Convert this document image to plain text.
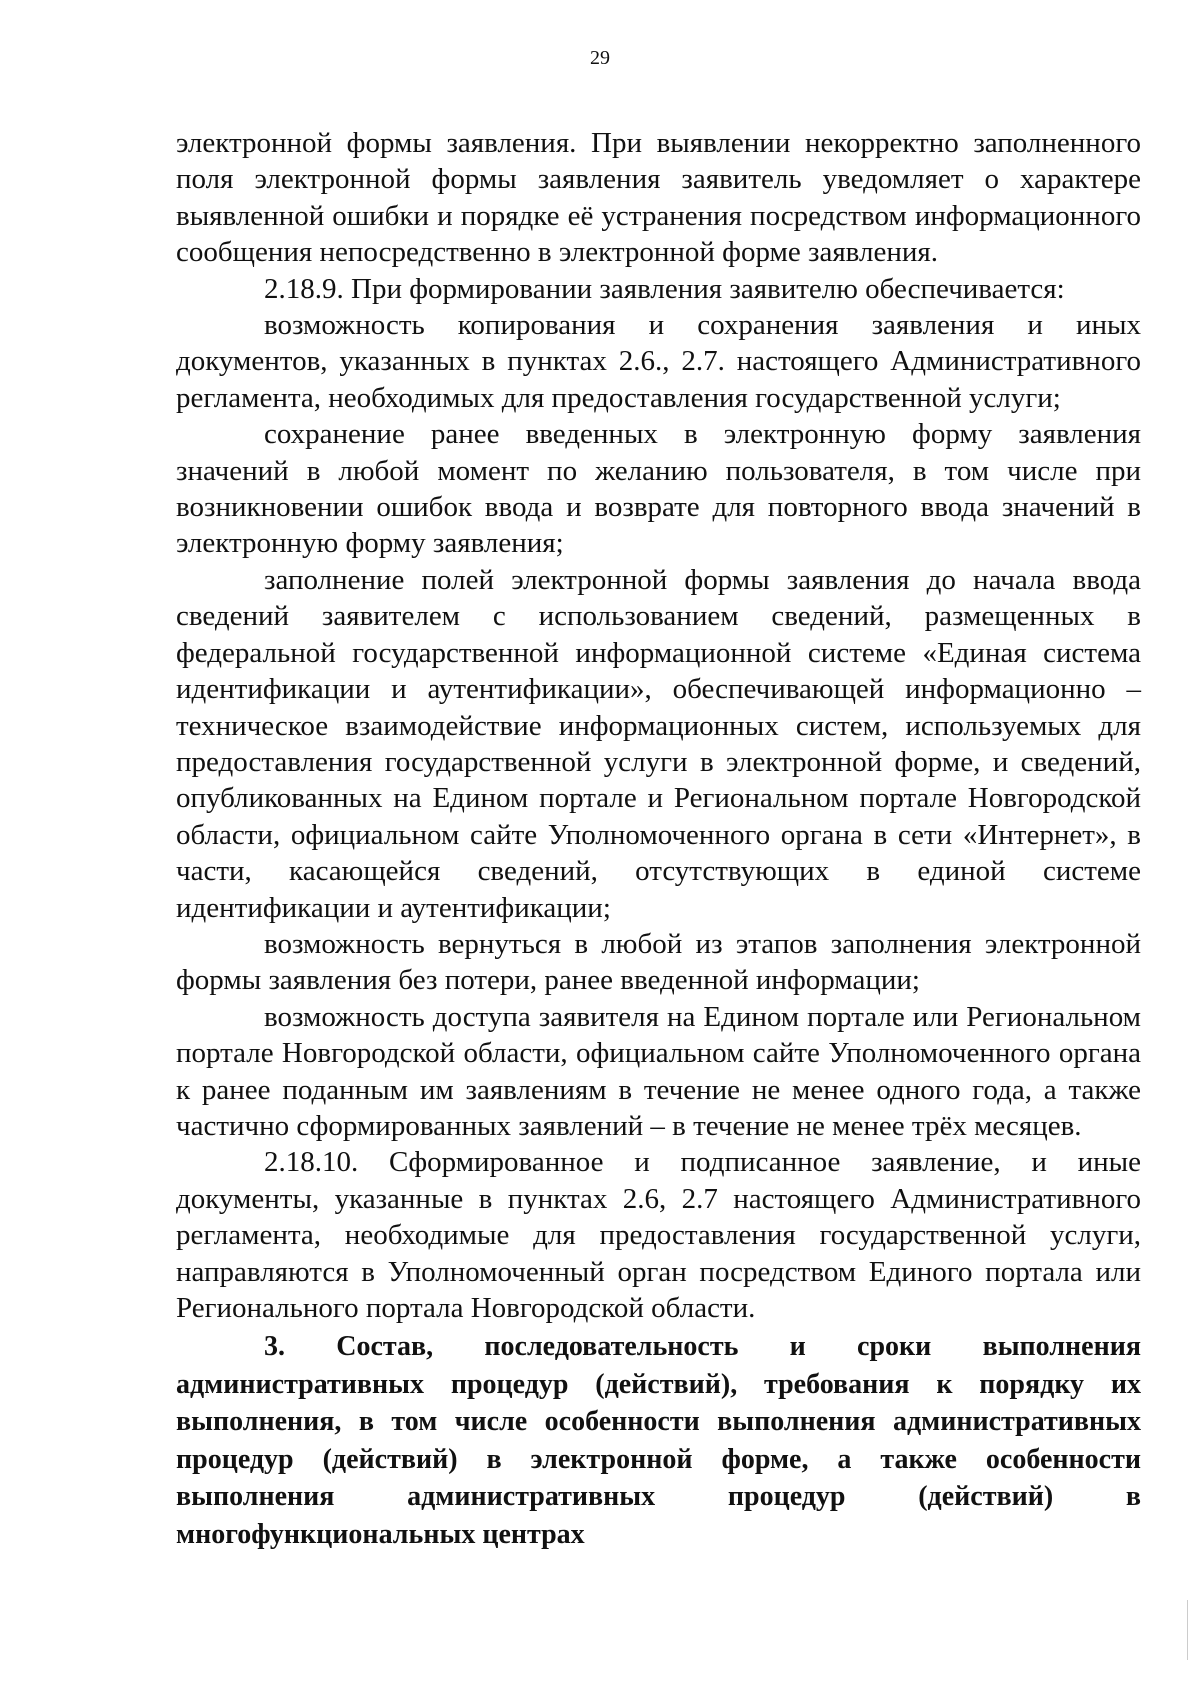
29

электронной формы заявления. При выявлении некорректно заполненного поля электронной формы заявления заявитель уведомляет о характере выявленной ошибки и порядке её устранения посредством информационного сообщения непосредственно в электронной форме заявления.

2.18.9. При формировании заявления заявителю обеспечивается:

возможность копирования и сохранения заявления и иных документов, указанных в пунктах 2.6., 2.7. настоящего Административного регламента, необходимых для предоставления государственной услуги;

сохранение ранее введенных в электронную форму заявления значений в любой момент по желанию пользователя, в том числе при возникновении ошибок ввода и возврате для повторного ввода значений в электронную форму заявления;

заполнение полей электронной формы заявления до начала ввода сведений заявителем с использованием сведений, размещенных в федеральной государственной информационной системе «Единая система идентификации и аутентификации», обеспечивающей информационно – техническое взаимодействие информационных систем, используемых для предоставления государственной услуги в электронной форме, и сведений, опубликованных на Едином портале и Региональном портале Новгородской области, официальном сайте Уполномоченного органа в сети «Интернет», в части, касающейся сведений, отсутствующих в единой системе идентификации и аутентификации;

возможность вернуться в любой из этапов заполнения электронной формы заявления без потери, ранее введенной информации;

возможность доступа заявителя на Едином портале или Региональном портале Новгородской области, официальном сайте Уполномоченного органа к ранее поданным им заявлениям в течение не менее одного года, а также частично сформированных заявлений – в течение не менее трёх месяцев.

2.18.10. Сформированное и подписанное заявление, и иные документы, указанные в пунктах 2.6, 2.7 настоящего Административного регламента, необходимые для предоставления государственной услуги, направляются в Уполномоченный орган посредством Единого портала или Регионального портала Новгородской области.

3. Состав, последовательность и сроки выполнения административных процедур (действий), требования к порядку их выполнения, в том числе особенности выполнения административных процедур (действий) в электронной форме, а также особенности выполнения административных процедур (действий) в многофункциональных центрах
